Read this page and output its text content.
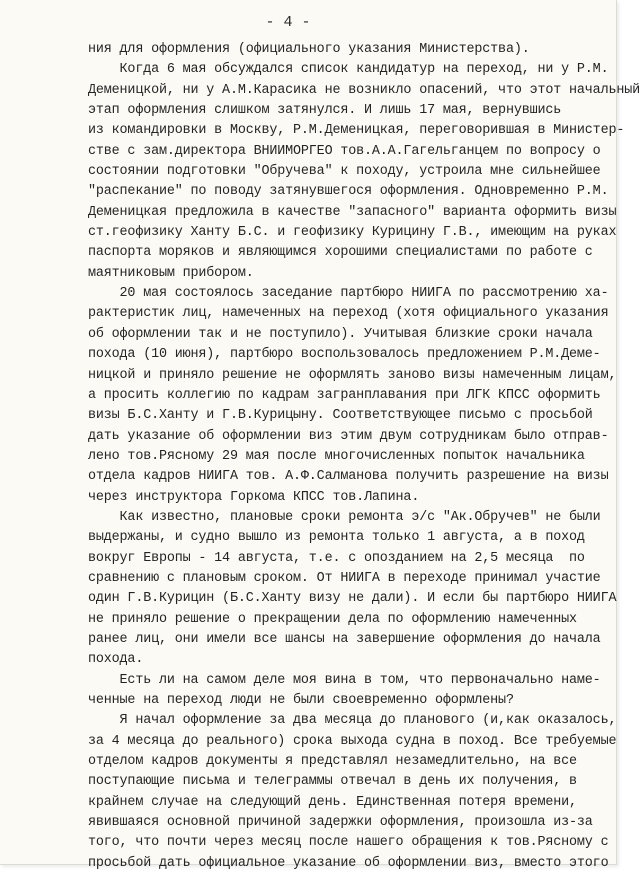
- 4 -
ния для оформления (официального указания Министерства).
Когда 6 мая обсуждался список кандидатур на переход, ни у Р.М.
Деменицкой, ни у А.М.Карасика не возникло опасений, что этот начальный
этап оформления слишком затянулся. И лишь 17 мая, вернувшись
из командировки в Москву, Р.М.Деменицкая, переговорившая в Министер-
стве с зам.директора ВНИИМОРГЕО тов.А.А.Гагельганцем по вопросу о
состоянии подготовки "Обручева" к походу, устроила мне сильнейшее
"распекание" по поводу затянувшегося оформления. Одновременно Р.М.
Деменицкая предложила в качестве "запасного" варианта оформить визы
ст.геофизику Ханту Б.С. и геофизику Курицину Г.В., имеющим на руках
паспорта моряков и являющимся хорошими специалистами по работе с
маятниковым прибором.
20 мая состоялось заседание партбюро НИИГА по рассмотрению ха-
рактеристик лиц, намеченных на переход (хотя официального указания
об оформлении так и не поступило). Учитывая близкие сроки начала
похода (10 июня), партбюро воспользовалось предложением Р.М.Деме-
ницкой и приняло решение не оформлять заново визы намеченным лицам,
а просить коллегию по кадрам загранплавания при ЛГК КПСС оформить
визы Б.С.Ханту и Г.В.Курицыну. Соответствующее письмо с просьбой
дать указание об оформлении виз этим двум сотрудникам было отправ-
лено тов.Рясному 29 мая после многочисленных попыток начальника
отдела кадров НИИГА тов. А.Ф.Салманова получить разрешение на визы
через инструктора Горкома КПСС тов.Лапина.
Как известно, плановые сроки ремонта э/с "Ак.Обручев" не были
выдержаны, и судно вышло из ремонта только 1 августа, а в поход
вокруг Европы - 14 августа, т.е. с опозданием на 2,5 месяца  по
сравнению с плановым сроком. От НИИГА в переходе принимал участие
один Г.В.Курицин (Б.С.Ханту визу не дали). И если бы партбюро НИИГА
не приняло решение о прекращении дела по оформлению намеченных
ранее лиц, они имели все шансы на завершение оформления до начала
похода.
Есть ли на самом деле моя вина в том, что первоначально наме-
ченные на переход люди не были своевременно оформлены?
Я начал оформление за два месяца до планового (и,как оказалось,
за 4 месяца до реального) срока выхода судна в поход. Все требуемые
отделом кадров документы я представлял незамедлительно, на все
поступающие письма и телеграммы отвечал в день их получения, в
крайнем случае на следующий день. Единственная потеря времени,
явившаяся основной причиной задержки оформления, произошла из-за
того, что почти через месяц после нашего обращения к тов.Рясному с
просьбой дать официальное указание об оформлении виз, вместо этого
